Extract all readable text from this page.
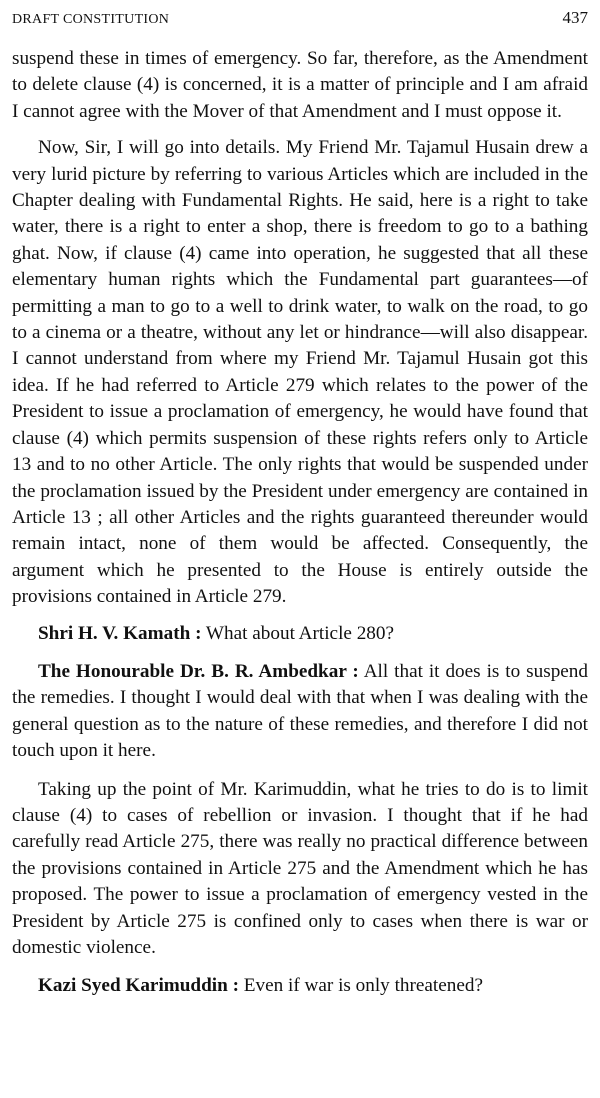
DRAFT CONSTITUTION	437

suspend these in times of emergency. So far, therefore, as the Amendment to delete clause (4) is concerned, it is a matter of principle and I am afraid I cannot agree with the Mover of that Amendment and I must oppose it.

Now, Sir, I will go into details. My Friend Mr. Tajamul Husain drew a very lurid picture by referring to various Articles which are included in the Chapter dealing with Fundamental Rights. He said, here is a right to take water, there is a right to enter a shop, there is freedom to go to a bathing ghat. Now, if clause (4) came into operation, he suggested that all these elementary human rights which the Fundamental part guarantees—of permitting a man to go to a well to drink water, to walk on the road, to go to a cinema or a theatre, without any let or hindrance—will also disappear. I cannot understand from where my Friend Mr. Tajamul Husain got this idea. If he had referred to Article 279 which relates to the power of the President to issue a proclamation of emergency, he would have found that clause (4) which permits suspension of these rights refers only to Article 13 and to no other Article. The only rights that would be suspended under the proclamation issued by the President under emergency are contained in Article 13 ; all other Articles and the rights guaranteed thereunder would remain intact, none of them would be affected. Consequently, the argument which he presented to the House is entirely outside the provisions contained in Article 279.

Shri H. V. Kamath : What about Article 280?

The Honourable Dr. B. R. Ambedkar : All that it does is to suspend the remedies. I thought I would deal with that when I was dealing with the general question as to the nature of these remedies, and therefore I did not touch upon it here.

Taking up the point of Mr. Karimuddin, what he tries to do is to limit clause (4) to cases of rebellion or invasion. I thought that if he had carefully read Article 275, there was really no practical difference between the provisions contained in Article 275 and the Amendment which he has proposed. The power to issue a proclamation of emergency vested in the President by Article 275 is confined only to cases when there is war or domestic violence.

Kazi Syed Karimuddin : Even if war is only threatened?
